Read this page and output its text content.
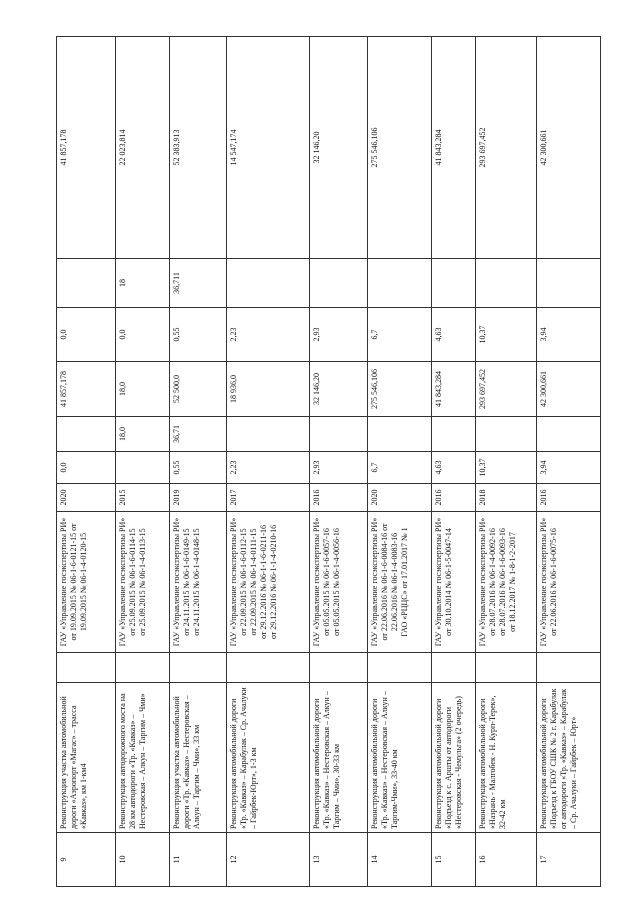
9	Реконструкция участка автомобильной дороги «Аэропорт «Магас» – трасса «Кавказ», км 1-км4		ГАУ «Управление госэкспертизы РИ» от 19.09.2015 № 06-1-6-0121-15 от 19.09.2015 № 06-1-4-0120-15	2020	0,0		41 857,178	0,0		41 857,178
10	Реконструкция автодорожного моста на 28 км автодороги «Тр. «Кавказ» – Нестеровская – Алкун – Таргим – Чми»		ГАУ «Управление госэкспертизы РИ» от 25.09.2015 № 06-1-6-0114-15 от 25.09.2015 № 06-1-4-0113-15	2015		18,0	18,0	0,0	18	22 023,814
11	Реконструкция участка автомобильной дороги «Тр. «Кавказ» – Нестеровская – Алкун – Таргим – Чми», 33 км		ГАУ «Управление госэкспертизы РИ» от 24.11.2015 № 06-1-6-0149-15 от 24.11.2015 № 06-1-4-0148-15	2019	0,55	36,71	52 500,0	0,55	36,711	52 383,913
12	Реконструкция автомобильной дороги «Тр. «Кавказ» – Карабулак – Ср. Ачалуки – Гайрбек-Юрт», 1-3 км		ГАУ «Управление госэкспертизы РИ» от 22.09.2015 № 06-1-6-0112-15 от 22.09.2015 № 06-1-4-0111-15 от 29.12.2016 № 06-1-1-6-0211-16 от 29.12.2016 № 06-1-1-4-0210-16	2017	2,23		18 936,0	2,23		14 547,174
13	Реконструкция автомобильной дороги «Тр. «Кавказ» – Нестеровская – Алкун – Таргим – Чми», 30-33 км		ГАУ «Управление госэкспертизы РИ» от 05.05.2015 № 06-1-6-0057-16 от 05.05.2015 № 06-1-4-0056-16	2016	2,93		32 146,20	2,93		32 146,20
14	Реконструкция автомобильной дороги «Тр. «Кавказ» – Нестеровская – Алкун – Таргим-Чми», 33-40 км		ГАУ «Управление госэкспертизы РИ» от 22.06.2016 № 06-1-6-0084-16 от 22.06.2016 № 06-1-4-0083-16 ГАО «РЦЦС» от 17.01.2017 № 1	2020	6,7		275 546,106	6,7		275 546,106
15	Реконструкция автомобильной дороги «Подъезд к с. Аршты от автодороги «Нестеровская - Чемульга» (2 очередь)		ГАУ «Управление госэкспертизы РИ» от 30.10.2014 № 06-1-5-0047-14	2016	4,63		41 843,284	4,63		41 843,284
16	Реконструкция автомобильной дороги «Назрань - Малгобек - Н. Курп-Терек», 32-42 км		ГАУ «Управление госэкспертизы РИ» от 28.07.2016 № 06-1-4-0092-16 от 28.07.2016 № 06-1-6-0093-16 от 18.12.2017 № 1-8-1-2-2017	2018	10,37		293 697,452	10,37		293 697,452
17	Реконструкция автомобильной дороги «Подъезд к ГБОУ СШК № 2 г. Карабулак от автодороги «Тр. «Кавказ» – Карабулак – Ср. Ачалуки – Гайрбек – Юрт»		ГАУ «Управление госэкспертизы РИ» от 22.06.2016 № 06-1-6-0075-16	2016	3,94		42 300,661	3,94		42 300,661
